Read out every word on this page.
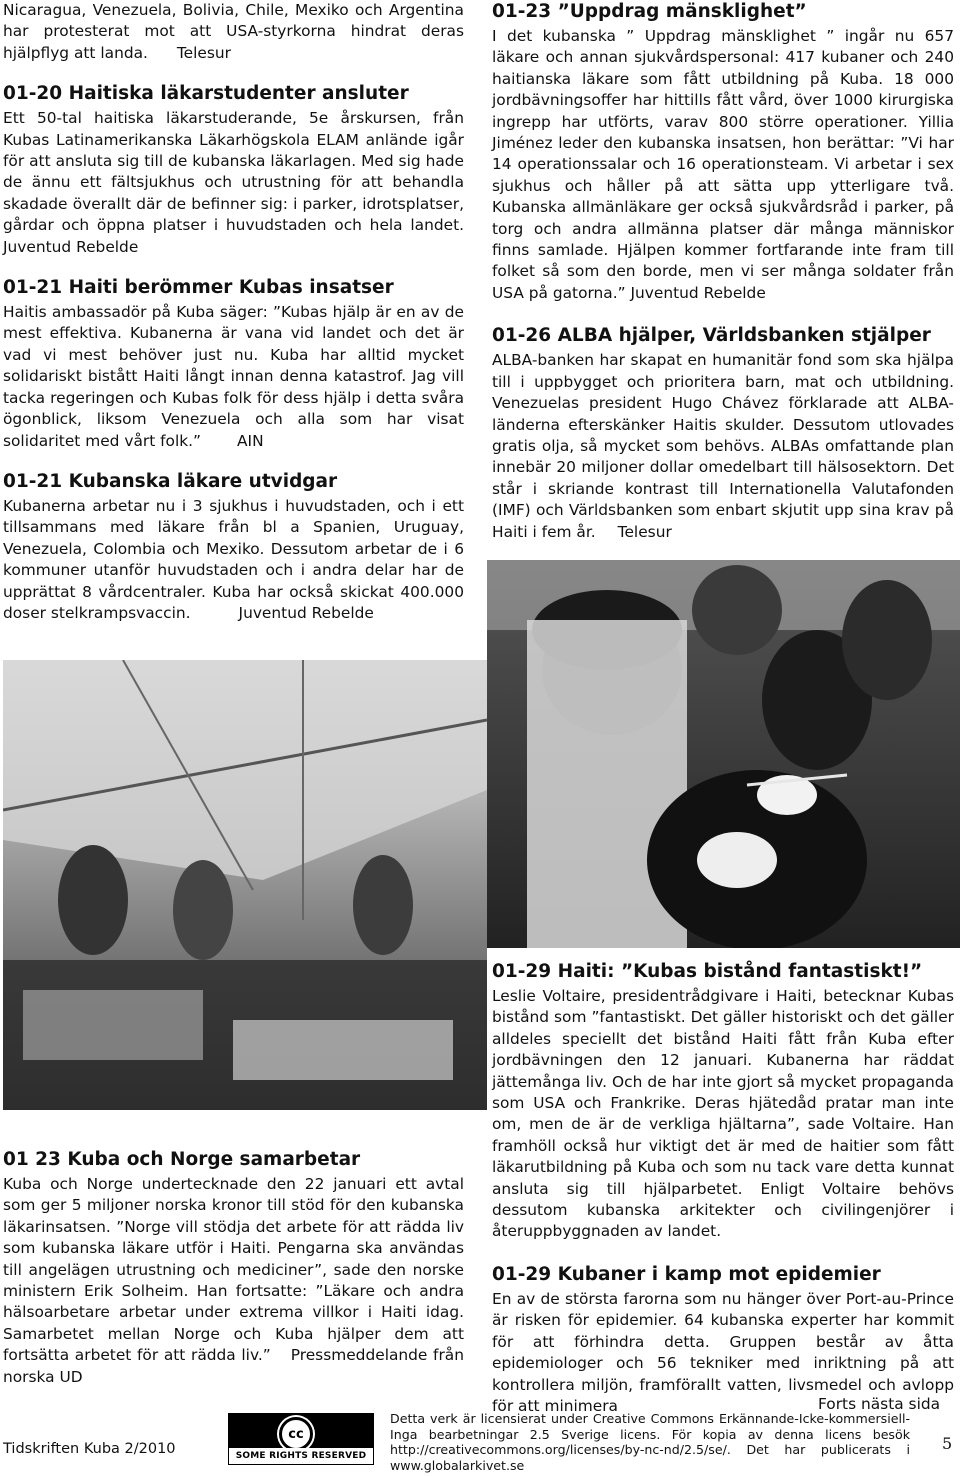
Nicaragua, Venezuela, Bolivia, Chile, Mexiko och Argentina har protesterat mot att USA-styrkorna hindrat deras hjälpflyg att landa. Telesur

01-20 Haitiska läkarstudenter ansluter

Ett 50-tal haitiska läkarstuderande, 5e årskursen, från Kubas Latinamerikanska Läkarhögskola ELAM anlände igår för att ansluta sig till de kubanska läkarlagen. Med sig hade de ännu ett fältsjukhus och utrustning för att behandla skadade överallt där de befinner sig: i parker, idrotsplatser, gårdar och öppna platser i huvudstaden och hela landet. Juventud Rebelde

01-21 Haiti berömmer Kubas insatser

Haitis ambassadör på Kuba säger: ”Kubas hjälp är en av de mest effektiva. Kubanerna är vana vid landet och det är vad vi mest behöver just nu. Kuba har alltid mycket solidariskt bistått Haiti långt innan denna katastrof. Jag vill tacka regeringen och Kubas folk för dess hjälp i detta svåra ögonblick, liksom Venezuela och alla som har visat solidaritet med vårt folk.” AIN

01-21 Kubanska läkare utvidgar

Kubanerna arbetar nu i 3 sjukhus i huvudstaden, och i ett tillsammans med läkare från bl a Spanien, Uruguay, Venezuela, Colombia och Mexiko. Dessutom arbetar de i 6 kommuner utanför huvudstaden och i andra delar har de upprättat 8 vårdcentraler. Kuba har också skickat 400.000 doser stelkrampsvaccin.	Juventud Rebelde

01-23 ”Uppdrag mänsklighet”

I det kubanska ” Uppdrag mänsklighet ” ingår nu 657 läkare och annan sjukvårdspersonal: 417 kubaner och 240 haitianska läkare som fått utbildning på Kuba. 18 000 jordbävningsoffer har hittills fått vård, över 1000 kirurgiska ingrepp har utförts, varav 800 större operationer. Yillia Jiménez leder den kubanska insatsen, hon berättar: ”Vi har 14 operationssalar och 16 operationsteam. Vi arbetar i sex sjukhus och håller på att sätta upp ytterligare två. Kubanska allmänläkare ger också sjukvårdsråd i parker, på torg och andra allmänna platser där många människor finns samlade. Hjälpen kommer fortfarande inte fram till folket så som den borde, men vi ser många soldater från USA på gatorna.” Juventud Rebelde

01-26 ALBA hjälper, Världsbanken stjälper

ALBA-banken har skapat en humanitär fond som ska hjälpa till i uppbygget och prioritera barn, mat och utbildning. Venezuelas president Hugo Chávez förklarade att ALBA-länderna efterskänker Haitis skulder. Dessutom utlovades gratis olja, så mycket som behövs. ALBAs omfattande plan innebär 20 miljoner dollar omedelbart till hälsosektorn. Det står i skriande kontrast till Internationella Valutafonden (IMF) och Världsbanken som enbart skjutit upp sina krav på Haiti i fem år. Telesur

01 23 Kuba och Norge samarbetar

Kuba och Norge undertecknade den 22 januari ett avtal som ger 5 miljoner norska kronor till stöd för den kubanska läkarinsatsen. ”Norge vill stödja det arbete för att rädda liv som kubanska läkare utför i Haiti. Pengarna ska användas till angelägen utrustning och mediciner”, sade den norske ministern Erik Solheim. Han fortsatte: ”Läkare och andra hälsoarbetare arbetar under extrema villkor i Haiti idag. Samarbetet mellan Norge och Kuba hjälper dem att fortsätta arbetet för att rädda liv.” Pressmeddelande från norska UD

01-29 Haiti: ”Kubas bistånd fantastiskt!”

Leslie Voltaire, presidentrådgivare i Haiti, betecknar Kubas bistånd som ”fantastiskt. Det gäller historiskt och det gäller alldeles speciellt det bistånd Haiti fått från Kuba efter jordbävningen den 12 januari. Kubanerna har räddat jättemånga liv. Och de har inte gjort så mycket propaganda som USA och Frankrike. Deras hjätedåd pratar man inte om, men de är de verkliga hjältarna”, sade Voltaire. Han framhöll också hur viktigt det är med de haitier som fått läkarutbildning på Kuba och som nu tack vare detta kunnat ansluta sig till hjälparbetet. Enligt Voltaire behövs dessutom kubanska arkitekter och civilingenjörer i återuppbyggnaden av landet.

01-29 Kubaner i kamp mot epidemier

En av de största farorna som nu hänger över Port-au-Prince är risken för epidemier. 64 kubanska experter har kommit för att förhindra detta. Gruppen består av åtta epidemiologer och 56 tekniker med inriktning på att kontrollera miljön, framförallt vatten, livsmedel och avlopp för att minimera	Forts nästa sida
Tidskriften Kuba 2/2010
cc
SOME RIGHTS RESERVED
Detta verk är licensierat under Creative Commons Erkännande-Icke-kommersiell-Inga bearbetningar 2.5 Sverige licens. För kopia av denna licens besök http://creativecommons.org/licenses/by-nc-nd/2.5/se/. Det har publicerats i www.globalarkivet.se
5
